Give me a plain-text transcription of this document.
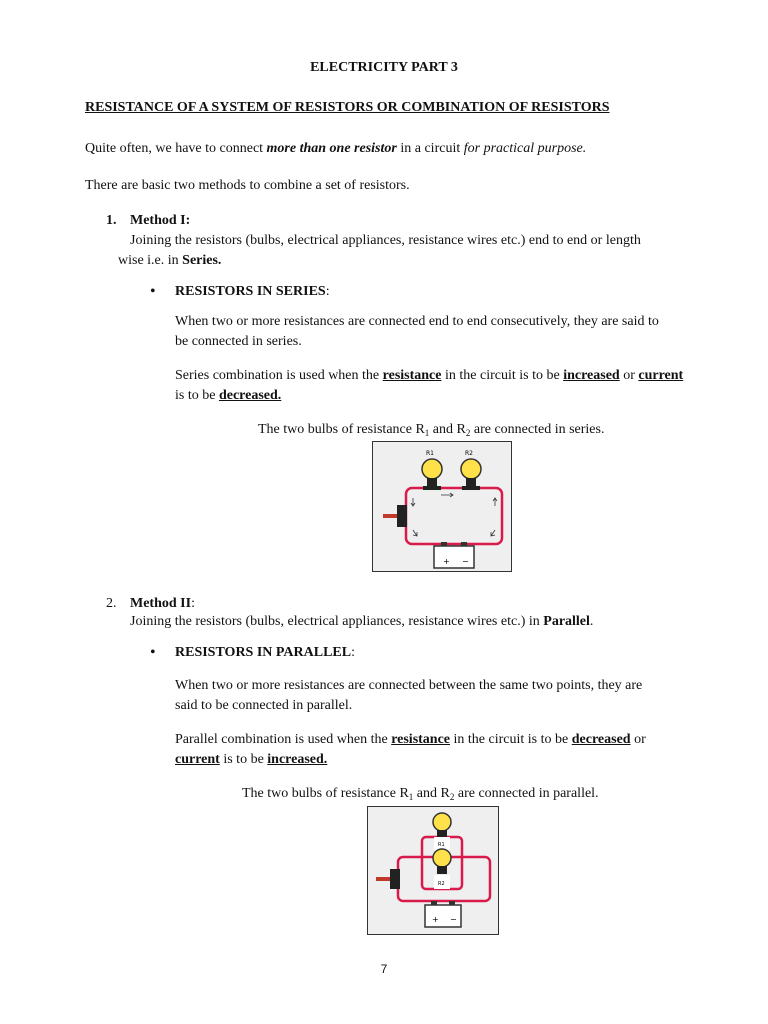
ELECTRICITY PART 3
RESISTANCE OF A SYSTEM OF RESISTORS OR COMBINATION OF RESISTORS
Quite often, we have to connect more than one resistor in a circuit for practical purpose.
There are basic two methods to combine a set of resistors.
1. Method I:
Joining the resistors (bulbs, electrical appliances, resistance wires etc.) end to end or length
wise i.e. in Series.
• RESISTORS IN SERIES:
When two or more resistances are connected end to end consecutively, they are said to
be connected in series.
Series combination is used when the resistance in the circuit is to be increased or current
is to be decreased.
The two bulbs of resistance $R_1$ and $R_2$ are connected in series.
+ −
R1	R2
2. Method II:
Joining the resistors (bulbs, electrical appliances, resistance wires etc.) in Parallel.
• RESISTORS IN PARALLEL:
When two or more resistances are connected between the same two points, they are
said to be connected in parallel.
Parallel combination is used when the resistance in the circuit is to be decreased or
current is to be increased.
The two bulbs of resistance $R_1$ and $R_2$ are connected in parallel.
+ −
R1
R2
7
